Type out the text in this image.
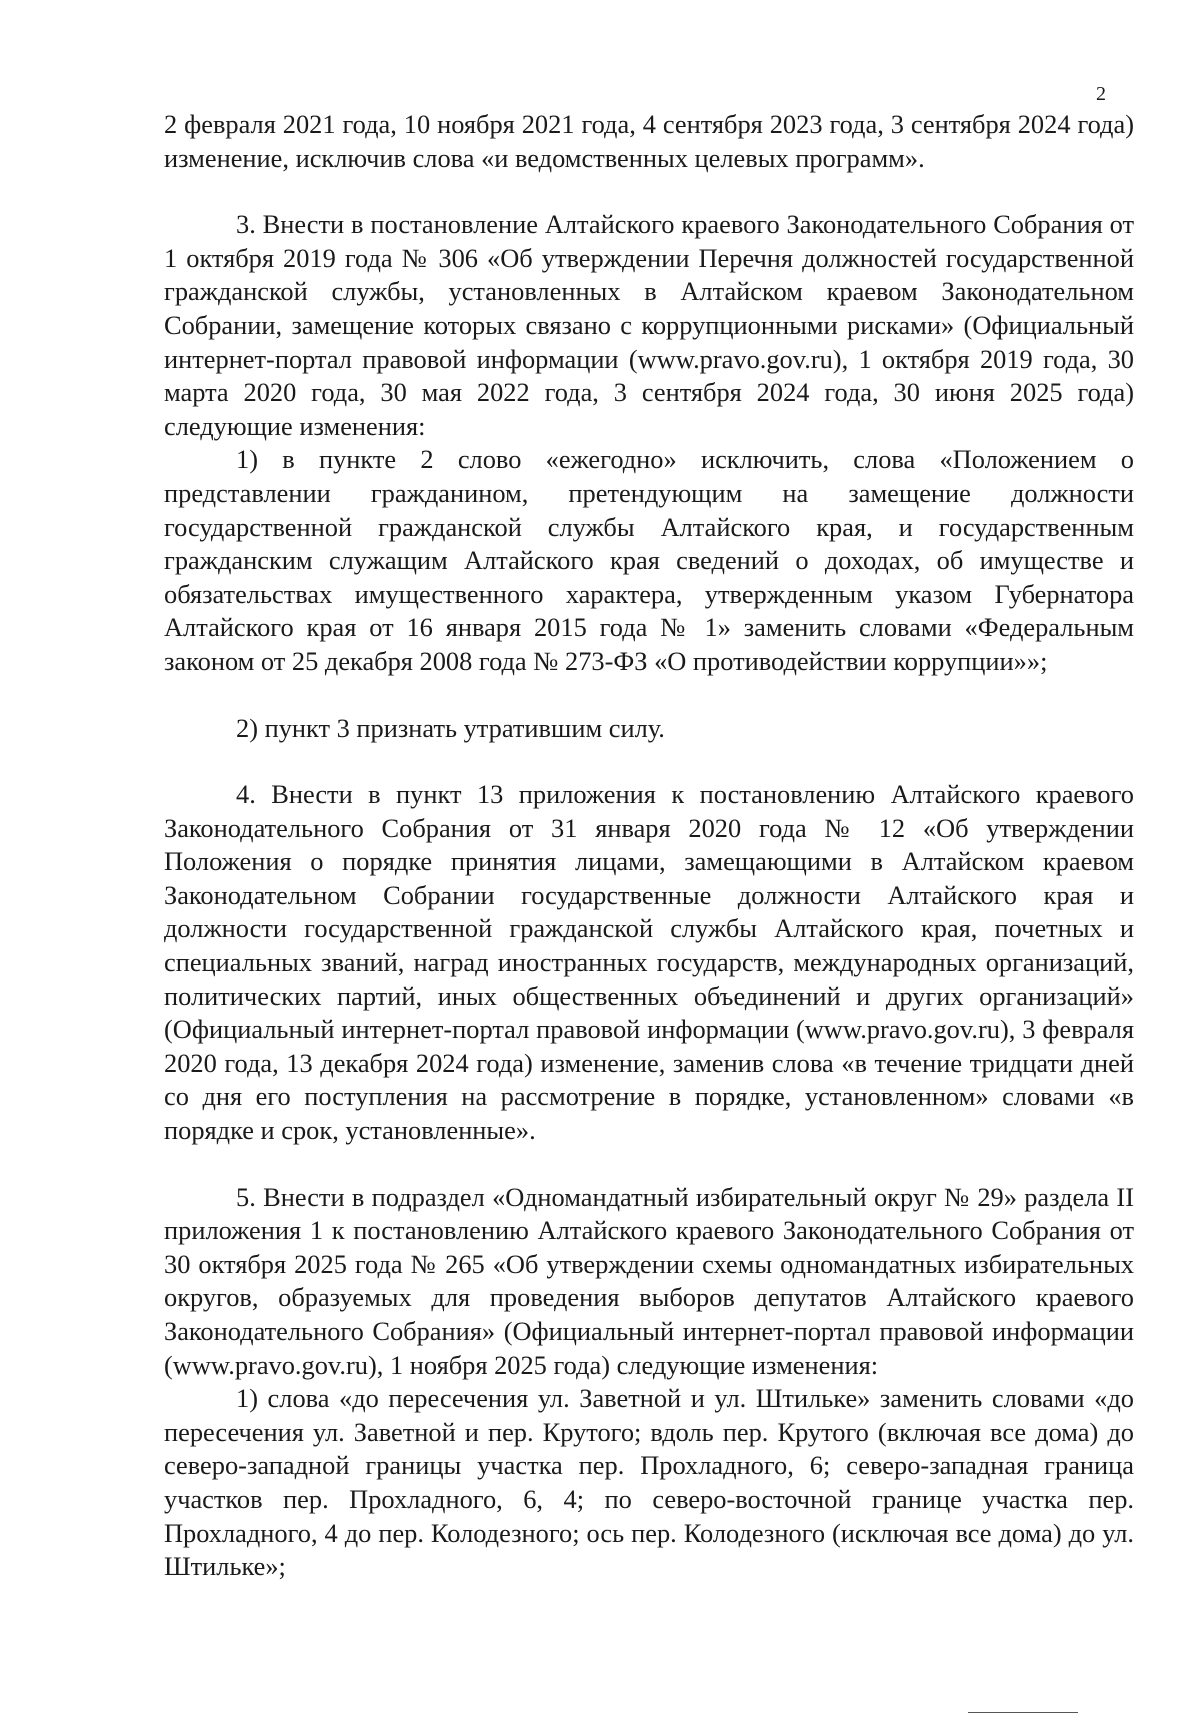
2

2 февраля 2021 года, 10 ноября 2021 года, 4 сентября 2023 года, 3 сентября 2024 года) изменение, исключив слова «и ведомственных целевых программ».

3. Внести в постановление Алтайского краевого Законодательного Собрания от 1 октября 2019 года № 306 «Об утверждении Перечня должностей государственной гражданской службы, установленных в Алтайском краевом Законодательном Собрании, замещение которых связано с коррупционными рисками» (Официальный интернет-портал правовой информации (www.pravo.gov.ru), 1 октября 2019 года, 30 марта 2020 года, 30 мая 2022 года, 3 сентября 2024 года, 30 июня 2025 года) следующие изменения:

1) в пункте 2 слово «ежегодно» исключить, слова «Положением о представлении гражданином, претендующим на замещение должности государственной гражданской службы Алтайского края, и государственным гражданским служащим Алтайского края сведений о доходах, об имуществе и обязательствах имущественного характера, утвержденным указом Губернатора Алтайского края от 16 января 2015 года № 1» заменить словами «Федеральным законом от 25 декабря 2008 года № 273-ФЗ «О противодействии коррупции»»;

2) пункт 3 признать утратившим силу.

4. Внести в пункт 13 приложения к постановлению Алтайского краевого Законодательного Собрания от 31 января 2020 года № 12 «Об утверждении Положения о порядке принятия лицами, замещающими в Алтайском краевом Законодательном Собрании государственные должности Алтайского края и должности государственной гражданской службы Алтайского края, почетных и специальных званий, наград иностранных государств, международных организаций, политических партий, иных общественных объединений и других организаций» (Официальный интернет-портал правовой информации (www.pravo.gov.ru), 3 февраля 2020 года, 13 декабря 2024 года) изменение, заменив слова «в течение тридцати дней со дня его поступления на рассмотрение в порядке, установленном» словами «в порядке и срок, установленные».

5. Внести в подраздел «Одномандатный избирательный округ № 29» раздела II приложения 1 к постановлению Алтайского краевого Законодательного Собрания от 30 октября 2025 года № 265 «Об утверждении схемы одномандатных избирательных округов, образуемых для проведения выборов депутатов Алтайского краевого Законодательного Собрания» (Официальный интернет-портал правовой информации (www.pravo.gov.ru), 1 ноября 2025 года) следующие изменения:

1) слова «до пересечения ул. Заветной и ул. Штильке» заменить словами «до пересечения ул. Заветной и пер. Крутого; вдоль пер. Крутого (включая все дома) до северо-западной границы участка пер. Прохладного, 6; северо-западная граница участков пер. Прохладного, 6, 4; по северо-восточной границе участка пер. Прохладного, 4 до пер. Колодезного; ось пер. Колодезного (исключая все дома) до ул. Штильке»;
